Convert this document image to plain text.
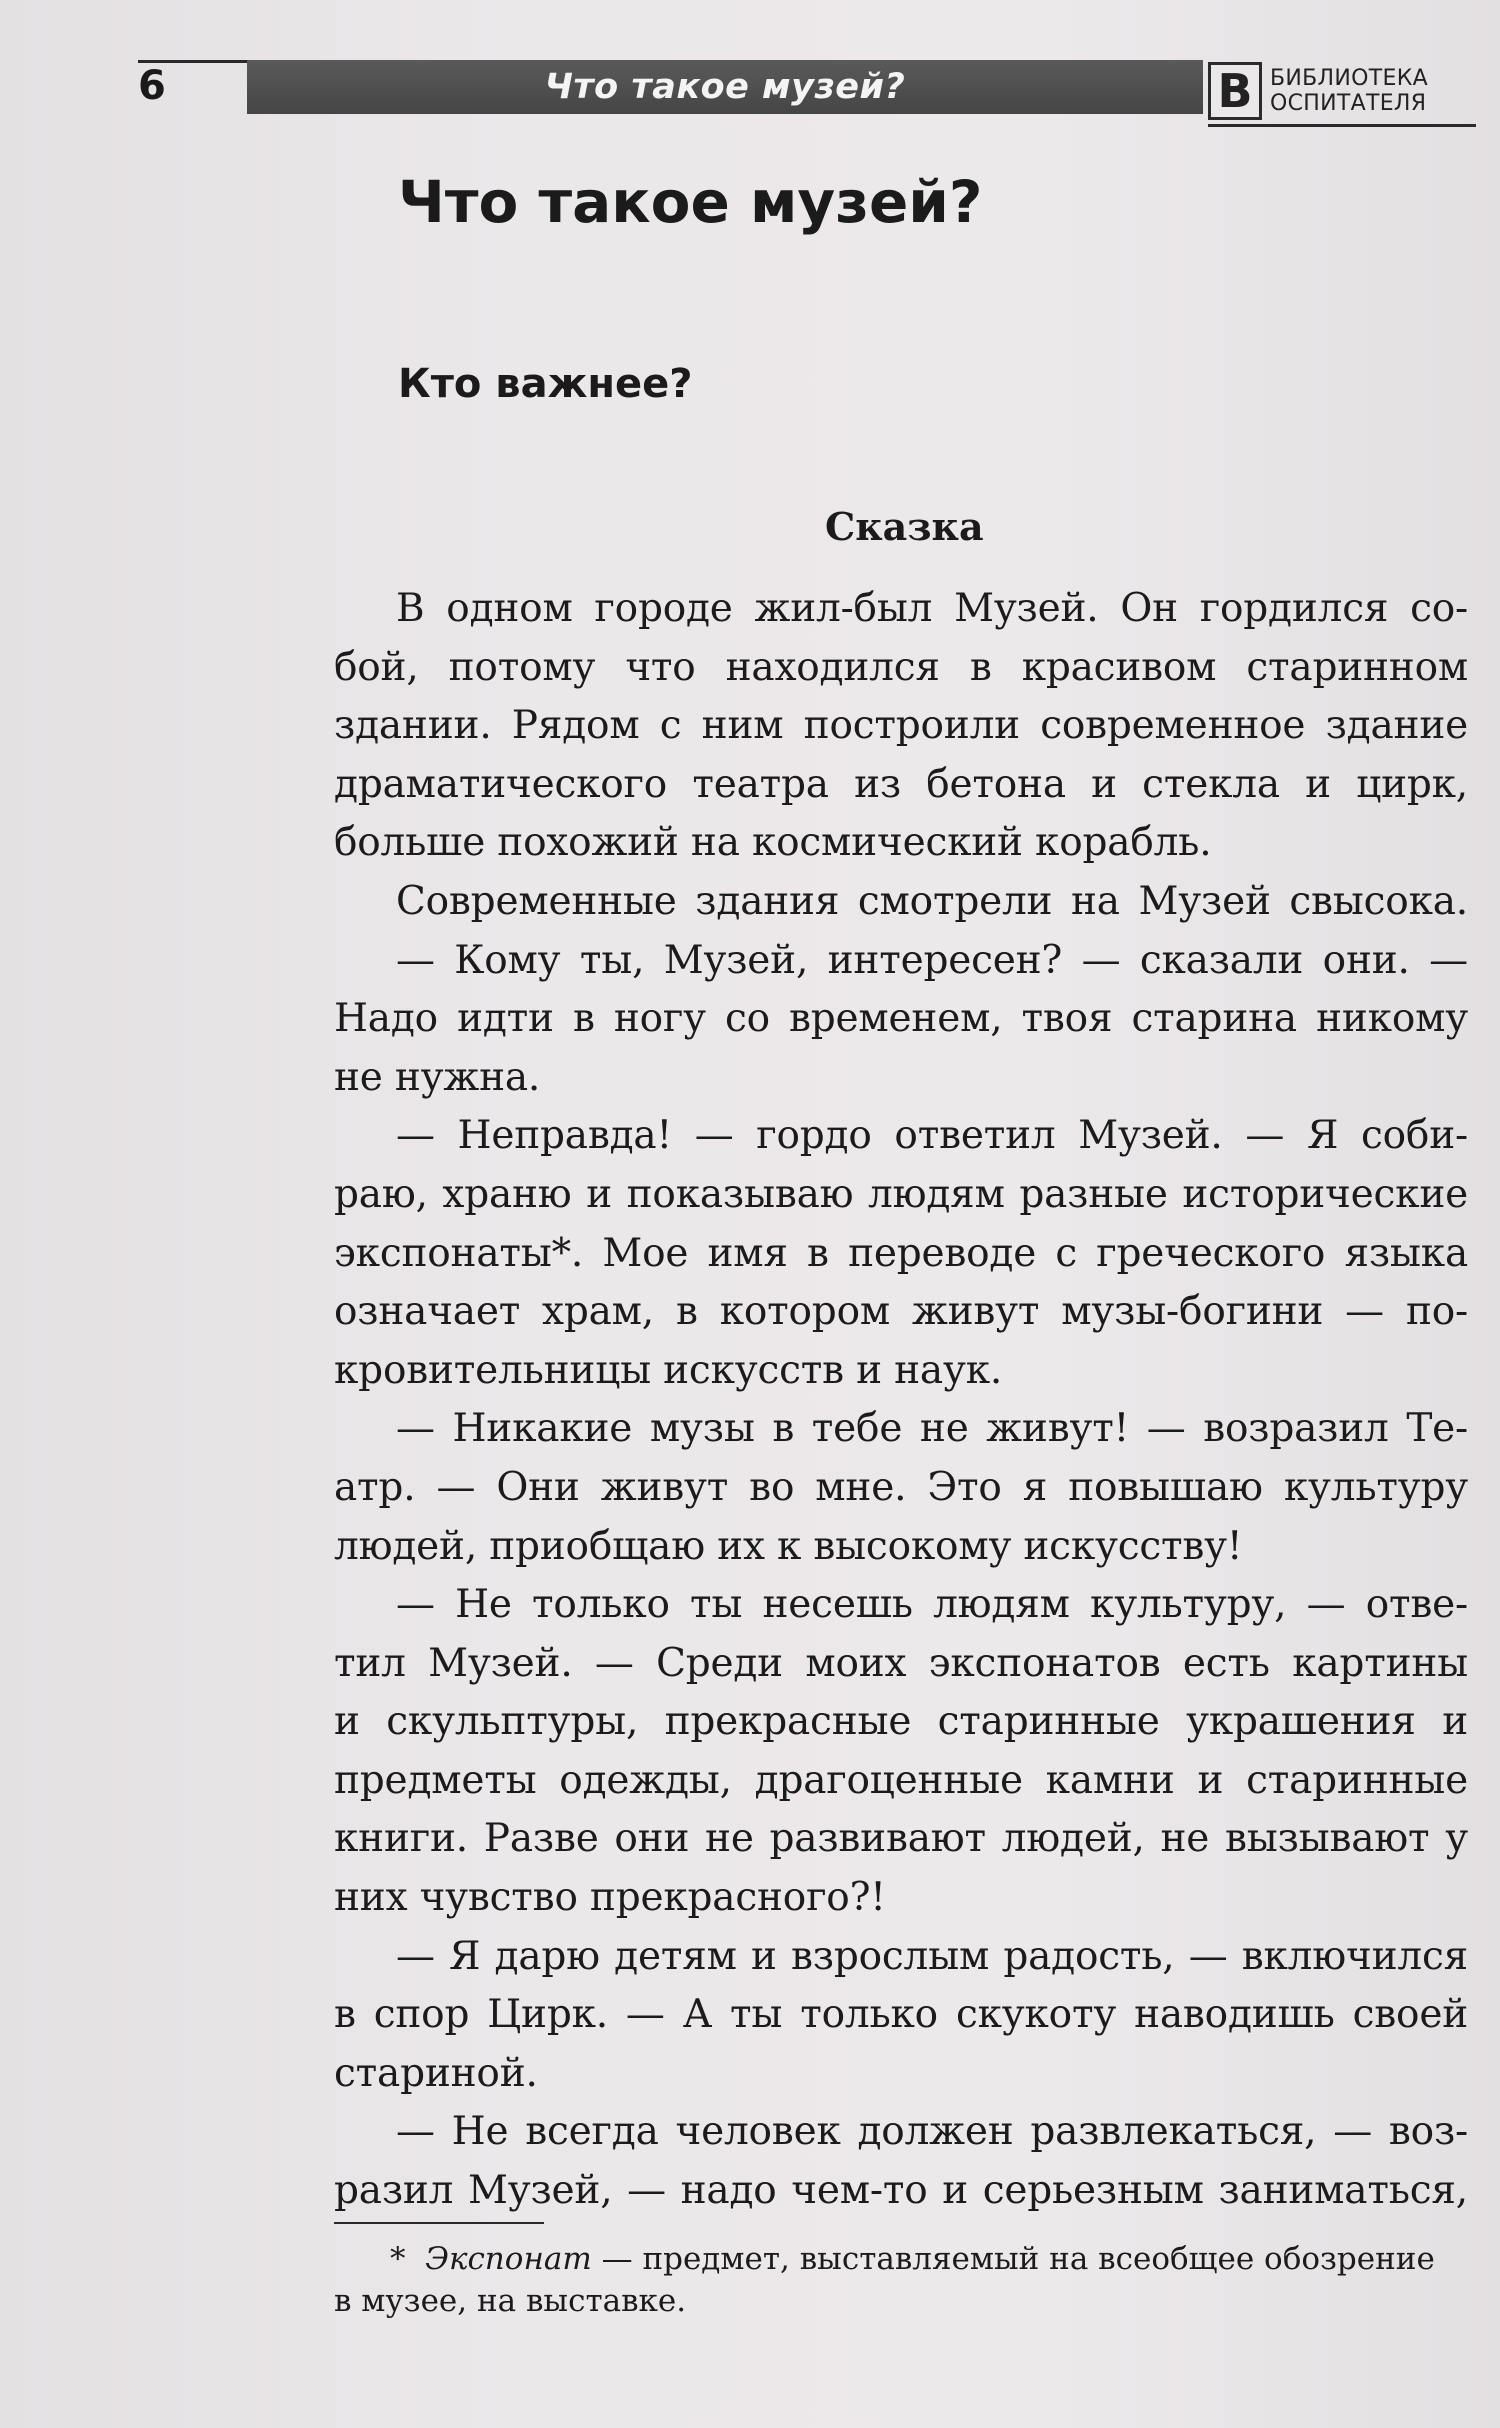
6	Что такое музей?	В БИБЛИОТЕКА
ОСПИТАТЕЛЯ
Что такое музей?
Кто важнее?
Сказка
В одном городе жил-был Музей. Он гордился со-
бой, потому что находился в красивом старинном
здании. Рядом с ним построили современное здание
драматического театра из бетона и стекла и цирк,
больше похожий на космический корабль.
Современные здания смотрели на Музей свысока.
— Кому ты, Музей, интересен? — сказали они. —
Надо идти в ногу со временем, твоя старина никому
не нужна.
— Неправда! — гордо ответил Музей. — Я соби-
раю, храню и показываю людям разные исторические
экспонаты*. Мое имя в переводе с греческого языка
означает храм, в котором живут музы-богини — по-
кровительницы искусств и наук.
— Никакие музы в тебе не живут! — возразил Те-
атр. — Они живут во мне. Это я повышаю культуру
людей, приобщаю их к высокому искусству!
— Не только ты несешь людям культуру, — отве-
тил Музей. — Среди моих экспонатов есть картины
и скульптуры, прекрасные старинные украшения и
предметы одежды, драгоценные камни и старинные
книги. Разве они не развивают людей, не вызывают у
них чувство прекрасного?!
— Я дарю детям и взрослым радость, — включился
в спор Цирк. — А ты только скукоту наводишь своей
стариной.
— Не всегда человек должен развлекаться, — воз-
разил Музей, — надо чем-то и серьезным заниматься,
* Экспонат — предмет, выставляемый на всеобщее обозрение
в музее, на выставке.
